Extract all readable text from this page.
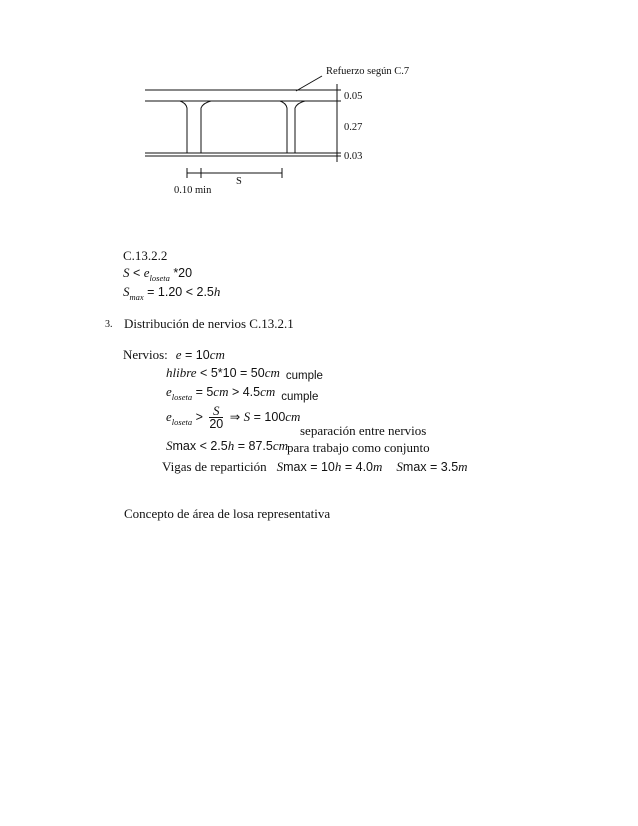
Refuerzo según C.7
0.05
0.27
0.03
S
0.10 min
C.13.2.2
$S < e_{loseta}$ *20
$S_{max} = 1.20 < 2.5h$
3. Distribución de nervios C.13.2.1
Nervios: e = 10cm
hlibre < 5*10 = 50cm cumple
$e_{loseta} = 5cm > 4.5cm$ $_{cumple}$
$e_{loseta} > \frac{S}{20}$ ⇒ S = 100cm
separación entre nervios
Smax < 2.5h = 87.5cm para trabajo como conjunto
Vigas de repartición Smax = 10h = 4.0m Smax = 3.5m
Concepto de área de losa representativa
